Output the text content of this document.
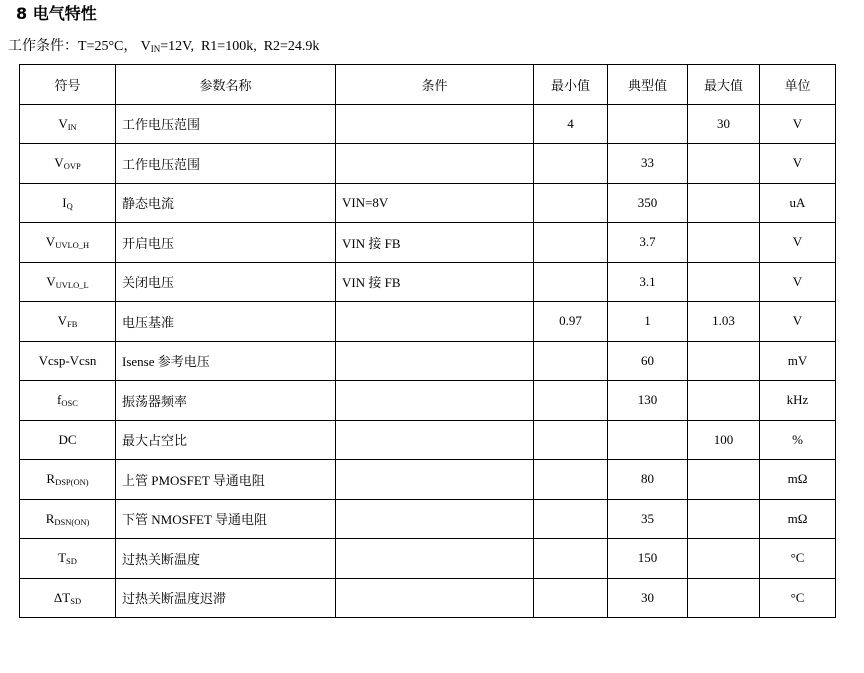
8 电气特性
工作条件：T=25°C， $V_{IN}=12V$, R1=100k, R2=24.9k
符号	参数名称	条件	最小值	典型值	最大值	单位
VIN	工作电压范围		4		30	V
VOVP	工作电压范围			33		V
IQ	静态电流	VIN=8V		350		uA
VUVLO_H	开启电压	VIN 接 FB		3.7		V
VUVLO_L	关闭电压	VIN 接 FB		3.1		V
VFB	电压基准		0.97	1	1.03	V
Vcsp-Vcsn	Isense 参考电压			60		mV
fOSC	振荡器频率			130		kHz
DC	最大占空比				100	%
RDSP(ON)	上管 PMOSFET 导通电阻			80		mΩ
RDSN(ON)	下管 NMOSFET 导通电阻			35		mΩ
TSD	过热关断温度			150		°C
ΔTSD	过热关断温度迟滞			30		°C
